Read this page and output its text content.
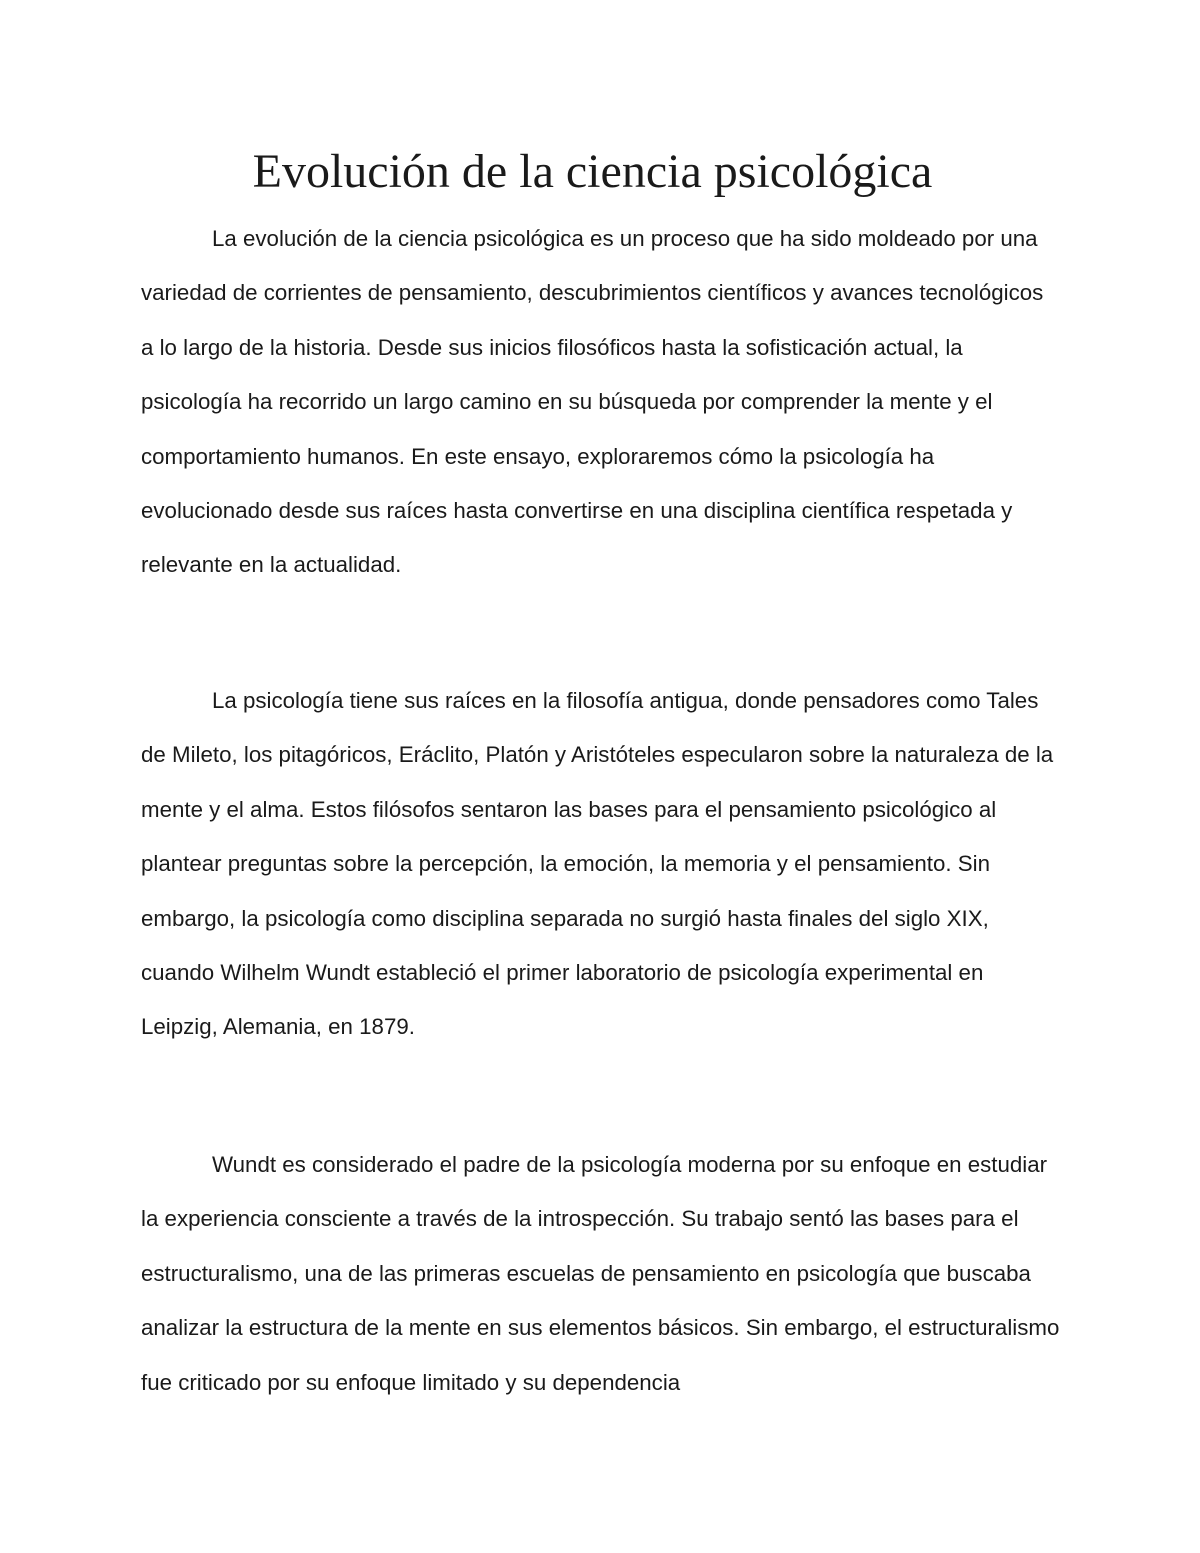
Evolución de la ciencia psicológica

La evolución de la ciencia psicológica es un proceso que ha sido moldeado por una variedad de corrientes de pensamiento, descubrimientos científicos y avances tecnológicos a lo largo de la historia. Desde sus inicios filosóficos hasta la sofisticación actual, la psicología ha recorrido un largo camino en su búsqueda por comprender la mente y el comportamiento humanos. En este ensayo, exploraremos cómo la psicología ha evolucionado desde sus raíces hasta convertirse en una disciplina científica respetada y relevante en la actualidad.

La psicología tiene sus raíces en la filosofía antigua, donde pensadores como Tales de Mileto, los pitagóricos, Eráclito, Platón y Aristóteles especularon sobre la naturaleza de la mente y el alma. Estos filósofos sentaron las bases para el pensamiento psicológico al plantear preguntas sobre la percepción, la emoción, la memoria y el pensamiento. Sin embargo, la psicología como disciplina separada no surgió hasta finales del siglo XIX, cuando Wilhelm Wundt estableció el primer laboratorio de psicología experimental en Leipzig, Alemania, en 1879.

Wundt es considerado el padre de la psicología moderna por su enfoque en estudiar la experiencia consciente a través de la introspección. Su trabajo sentó las bases para el estructuralismo, una de las primeras escuelas de pensamiento en psicología que buscaba analizar la estructura de la mente en sus elementos básicos. Sin embargo, el estructuralismo fue criticado por su enfoque limitado y su dependencia
